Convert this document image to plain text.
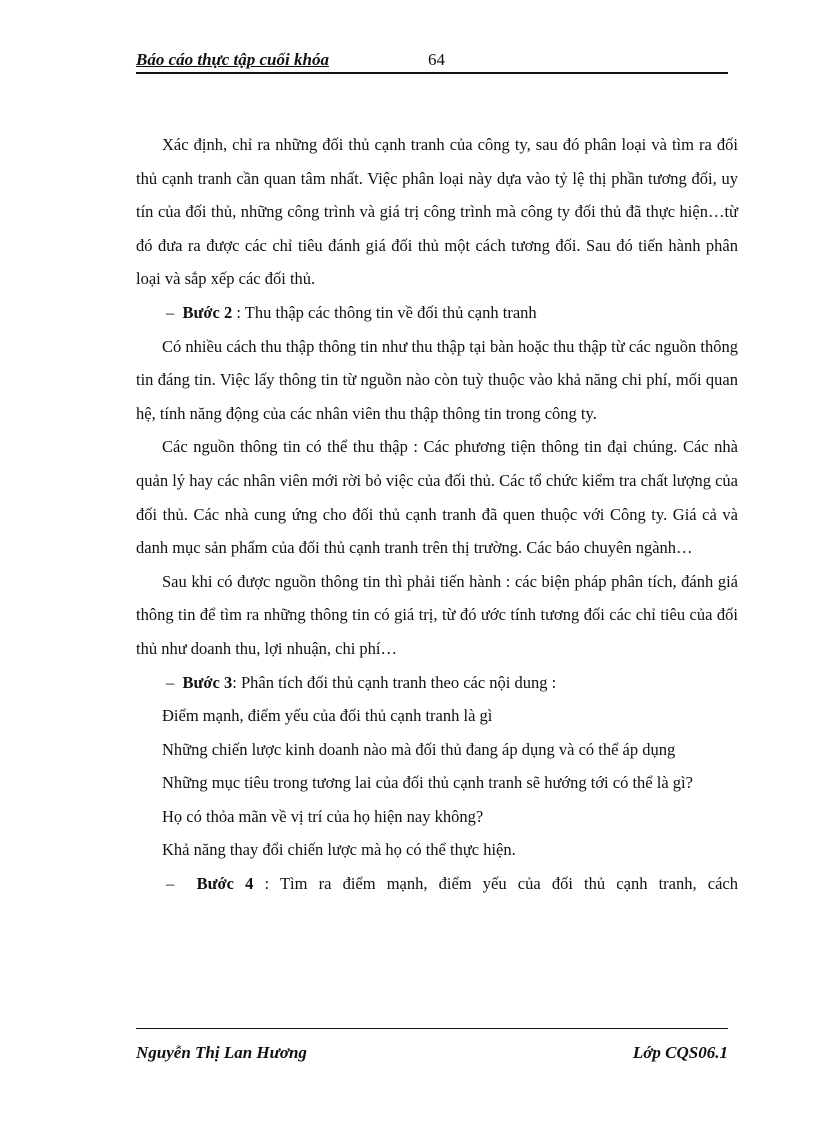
Báo cáo thực tập cuối khóa	64

Xác định, chỉ ra những đối thủ cạnh tranh của công ty, sau đó phân loại và tìm ra đối thủ cạnh tranh cần quan tâm nhất. Việc phân loại này dựa vào tỷ lệ thị phần tương đối, uy tín của đối thủ, những công trình và giá trị công trình mà công ty đối thủ đã thực hiện…từ đó đưa ra được các chỉ tiêu đánh giá đối thủ một cách tương đối. Sau đó tiến hành phân loại và sắp xếp các đối thủ.

– Bước 2 : Thu thập các thông tin về đối thủ cạnh tranh

Có nhiều cách thu thập thông tin như thu thập tại bàn hoặc thu thập từ các nguồn thông tin đáng tin. Việc lấy thông tin từ nguồn nào còn tuỳ thuộc vào khả năng chi phí, mối quan hệ, tính năng động của các nhân viên thu thập thông tin trong công ty.

Các nguồn thông tin có thể thu thập : Các phương tiện thông tin đại chúng. Các nhà quản lý hay các nhân viên mới rời bỏ việc của đối thủ. Các tổ chức kiểm tra chất lượng của đối thủ. Các nhà cung ứng cho đối thủ cạnh tranh đã quen thuộc với Công ty. Giá cả và danh mục sản phẩm của đối thủ cạnh tranh trên thị trường. Các báo chuyên ngành…

Sau khi có được nguồn thông tin thì phải tiến hành : các biện pháp phân tích, đánh giá thông tin để tìm ra những thông tin có giá trị, từ đó ước tính tương đối các chỉ tiêu của đối thủ như doanh thu, lợi nhuận, chi phí…

– Bước 3: Phân tích đối thủ cạnh tranh theo các nội dung :

Điểm mạnh, điểm yếu của đối thủ cạnh tranh là gì

Những chiến lược kinh doanh nào mà đối thủ đang áp dụng và có thể áp dụng

Những mục tiêu trong tương lai của đối thủ cạnh tranh sẽ hướng tới có thể là gì?

Họ có thỏa mãn về vị trí của họ hiện nay không?

Khả năng thay đổi chiến lược mà họ có thể thực hiện.

– Bước 4 : Tìm ra điểm mạnh, điểm yếu của đối thủ cạnh tranh, cách

Nguyễn Thị Lan Hương	Lớp CQS06.1
